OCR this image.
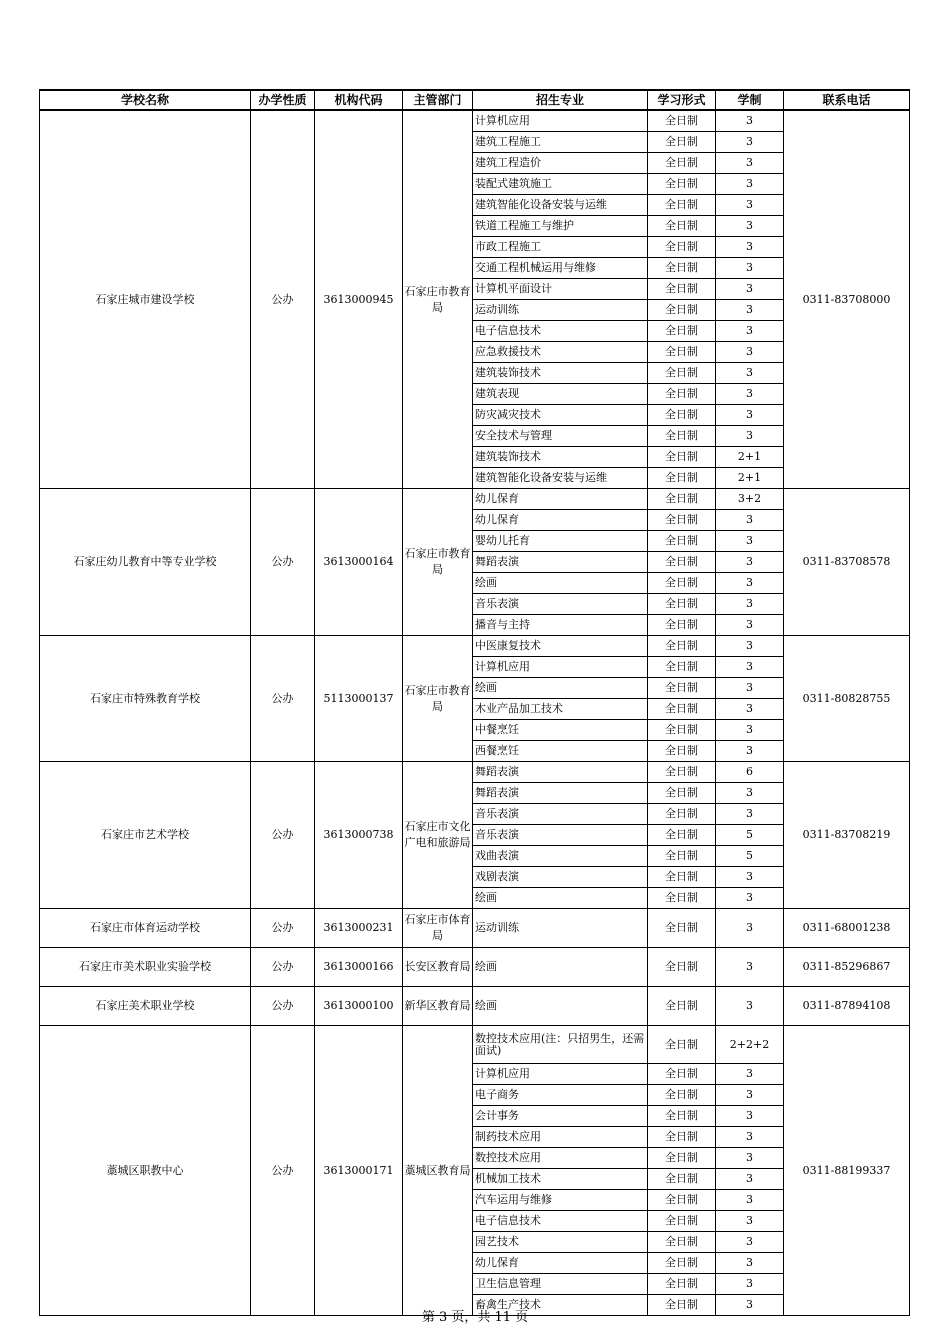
学校名称	办学性质	机构代码	主管部门	招生专业	学习形式	学制	联系电话
石家庄城市建设学校	公办	3613000945	石家庄市教育局	计算机应用	全日制	3	0311-83708000
				建筑工程施工	全日制	3	
				建筑工程造价	全日制	3	
				装配式建筑施工	全日制	3	
				建筑智能化设备安装与运维	全日制	3	
				铁道工程施工与维护	全日制	3	
				市政工程施工	全日制	3	
				交通工程机械运用与维修	全日制	3	
				计算机平面设计	全日制	3	
				运动训练	全日制	3	
				电子信息技术	全日制	3	
				应急救援技术	全日制	3	
				建筑装饰技术	全日制	3	
				建筑表现	全日制	3	
				防灾减灾技术	全日制	3	
				安全技术与管理	全日制	3	
				建筑装饰技术	全日制	2+1	
				建筑智能化设备安装与运维	全日制	2+1	
石家庄幼儿教育中等专业学校	公办	3613000164	石家庄市教育局	幼儿保育	全日制	3+2	0311-83708578
				幼儿保育	全日制	3	
				婴幼儿托育	全日制	3	
				舞蹈表演	全日制	3	
				绘画	全日制	3	
				音乐表演	全日制	3	
				播音与主持	全日制	3	
石家庄市特殊教育学校	公办	5113000137	石家庄市教育局	中医康复技术	全日制	3	0311-80828755
				计算机应用	全日制	3	
				绘画	全日制	3	
				木业产品加工技术	全日制	3	
				中餐烹饪	全日制	3	
				西餐烹饪	全日制	3	
石家庄市艺术学校	公办	3613000738	石家庄市文化广电和旅游局	舞蹈表演	全日制	6	0311-83708219
				舞蹈表演	全日制	3	
				音乐表演	全日制	3	
				音乐表演	全日制	5	
				戏曲表演	全日制	5	
				戏剧表演	全日制	3	
				绘画	全日制	3	
石家庄市体育运动学校	公办	3613000231	石家庄市体育局	运动训练	全日制	3	0311-68001238
石家庄市美术职业实验学校	公办	3613000166	长安区教育局	绘画	全日制	3	0311-85296867
石家庄美术职业学校	公办	3613000100	新华区教育局	绘画	全日制	3	0311-87894108
藁城区职教中心	公办	3613000171	藁城区教育局	数控技术应用(注：只招男生，还需面试)	全日制	2+2+2	0311-88199337
				计算机应用	全日制	3	
				电子商务	全日制	3	
				会计事务	全日制	3	
				制药技术应用	全日制	3	
				数控技术应用	全日制	3	
				机械加工技术	全日制	3	
				汽车运用与维修	全日制	3	
				电子信息技术	全日制	3	
				园艺技术	全日制	3	
				幼儿保育	全日制	3	
				卫生信息管理	全日制	3	
				畜禽生产技术	全日制	3	
第 3 页，共 11 页
